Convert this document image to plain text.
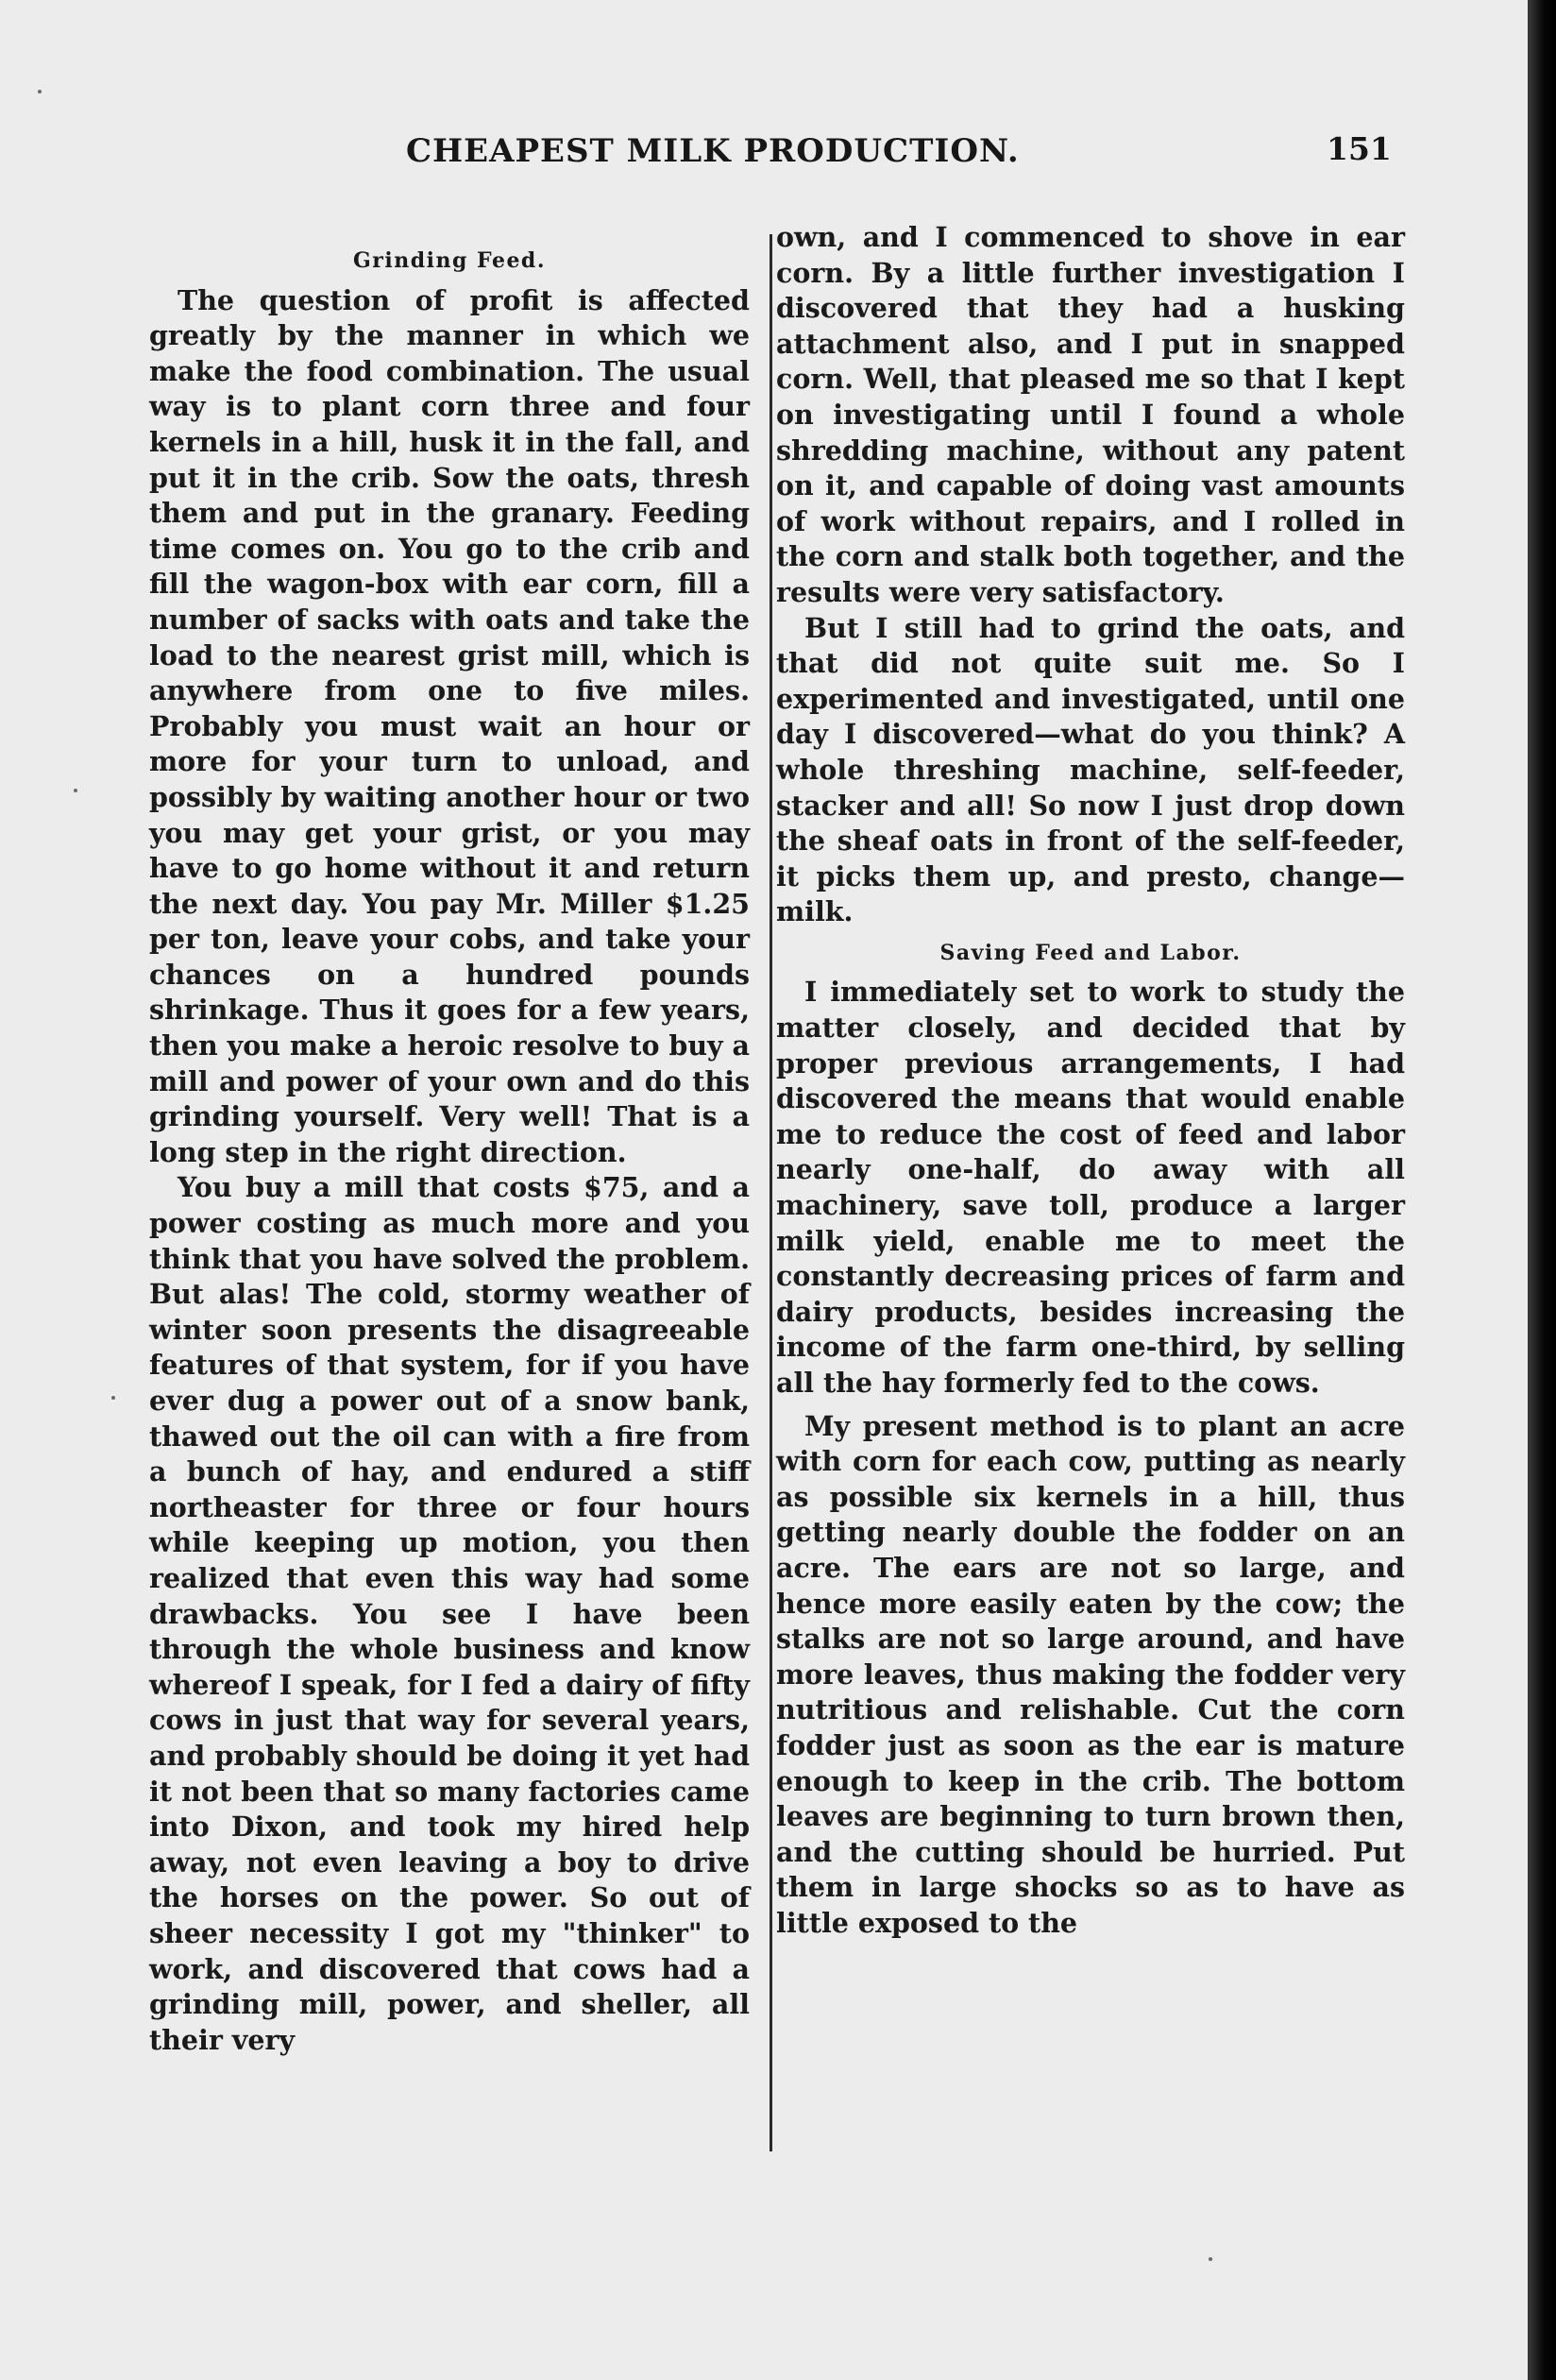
CHEAPEST MILK PRODUCTION.	151
Grinding Feed.

The question of profit is affected greatly by the manner in which we make the food combination. The usual way is to plant corn three and four kernels in a hill, husk it in the fall, and put it in the crib. Sow the oats, thresh them and put in the granary. Feeding time comes on. You go to the crib and fill the wagon-box with ear corn, fill a number of sacks with oats and take the load to the nearest grist mill, which is anywhere from one to five miles. Probably you must wait an hour or more for your turn to unload, and possibly by waiting another hour or two you may get your grist, or you may have to go home without it and return the next day. You pay Mr. Miller $1.25 per ton, leave your cobs, and take your chances on a hundred pounds shrinkage. Thus it goes for a few years, then you make a heroic resolve to buy a mill and power of your own and do this grinding yourself. Very well! That is a long step in the right direction.

You buy a mill that costs $75, and a power costing as much more and you think that you have solved the problem. But alas! The cold, stormy weather of winter soon presents the disagreeable features of that system, for if you have ever dug a power out of a snow bank, thawed out the oil can with a fire from a bunch of hay, and endured a stiff northeaster for three or four hours while keeping up motion, you then realized that even this way had some drawbacks. You see I have been through the whole business and know whereof I speak, for I fed a dairy of fifty cows in just that way for several years, and probably should be doing it yet had it not been that so many factories came into Dixon, and took my hired help away, not even leaving a boy to drive the horses on the power. So out of sheer necessity I got my "thinker" to work, and discovered that cows had a grinding mill, power, and sheller, all their very

own, and I commenced to shove in ear corn. By a little further investigation I discovered that they had a husking attachment also, and I put in snapped corn. Well, that pleased me so that I kept on investigating until I found a whole shredding machine, without any patent on it, and capable of doing vast amounts of work without repairs, and I rolled in the corn and stalk both together, and the results were very satisfactory.

But I still had to grind the oats, and that did not quite suit me. So I experimented and investigated, until one day I discovered—what do you think? A whole threshing machine, self-feeder, stacker and all! So now I just drop down the sheaf oats in front of the self-feeder, it picks them up, and presto, change—milk.

Saving Feed and Labor.

I immediately set to work to study the matter closely, and decided that by proper previous arrangements, I had discovered the means that would enable me to reduce the cost of feed and labor nearly one-half, do away with all machinery, save toll, produce a larger milk yield, enable me to meet the constantly decreasing prices of farm and dairy products, besides increasing the income of the farm one-third, by selling all the hay formerly fed to the cows.

My present method is to plant an acre with corn for each cow, putting as nearly as possible six kernels in a hill, thus getting nearly double the fodder on an acre. The ears are not so large, and hence more easily eaten by the cow; the stalks are not so large around, and have more leaves, thus making the fodder very nutritious and relishable. Cut the corn fodder just as soon as the ear is mature enough to keep in the crib. The bottom leaves are beginning to turn brown then, and the cutting should be hurried. Put them in large shocks so as to have as little exposed to the
